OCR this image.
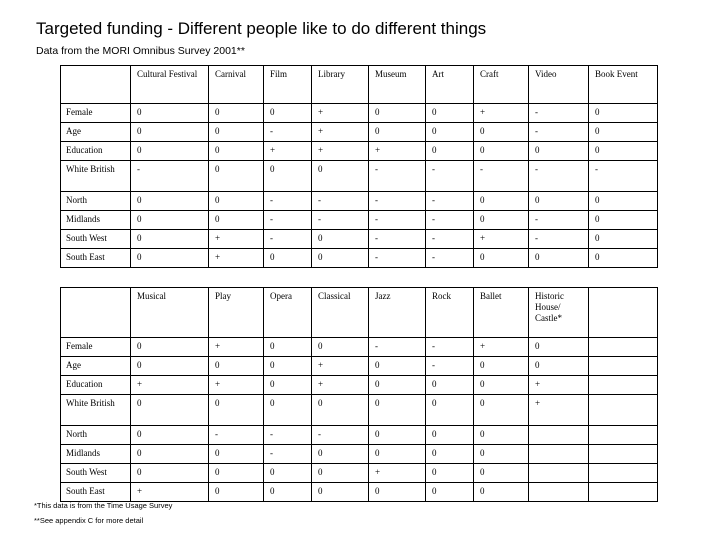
Targeted funding - Different people like to do different things
Data from the MORI Omnibus Survey 2001**
	Cultural Festival	Carnival	Film	Library	Museum	Art	Craft	Video	Book Event
Female	0	0	0	+	0	0	+	-	0
Age	0	0	-	+	0	0	0	-	0
Education	0	0	+	+	+	0	0	0	0
White British	-	0	0	0	-	-	-	-	-
North	0	0	-	-	-	-	0	0	0
Midlands	0	0	-	-	-	-	0	-	0
South West	0	+	-	0	-	-	+	-	0
South East	0	+	0	0	-	-	0	0	0
	Musical	Play	Opera	Classical	Jazz	Rock	Ballet	Historic House/ Castle*	
Female	0	+	0	0	-	-	+	0	
Age	0	0	0	+	0	-	0	0	
Education	+	+	0	+	0	0	0	+	
White British	0	0	0	0	0	0	0	+	
North	0	-	-	-	0	0	0		
Midlands	0	0	-	0	0	0	0		
South West	0	0	0	0	+	0	0		
South East	+	0	0	0	0	0	0		
*This data is from the Time Usage Survey
**See appendix C for more detail
